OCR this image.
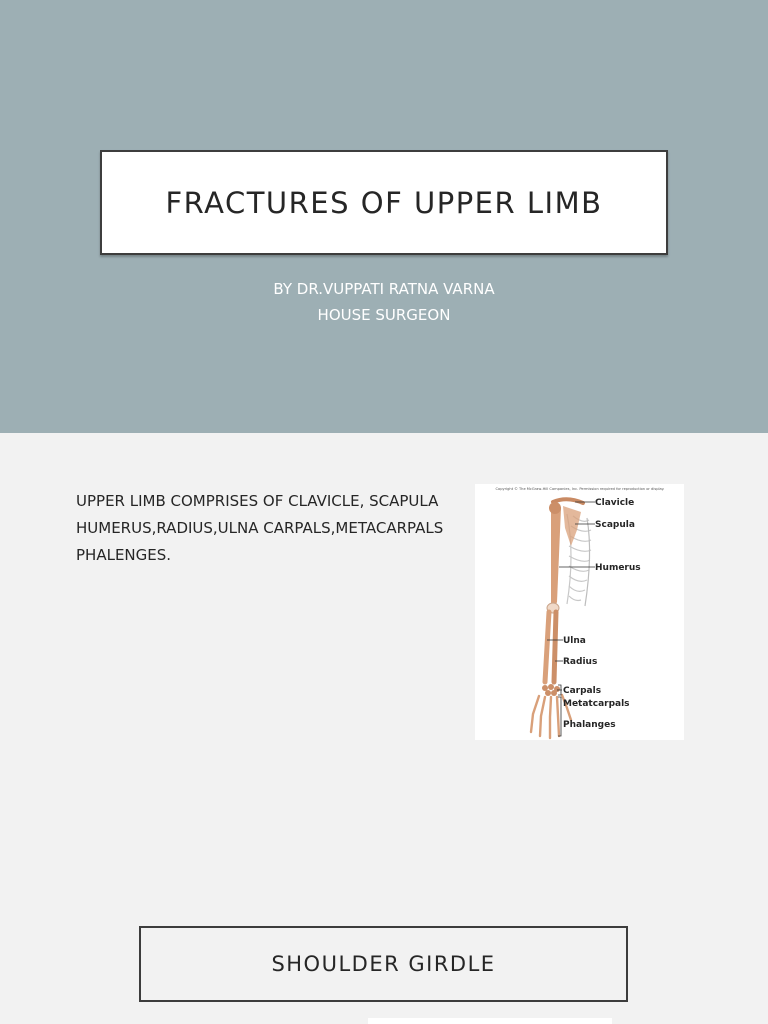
FRACTURES OF UPPER LIMB
BY DR.VUPPATI RATNA VARNA
HOUSE SURGEON
UPPER LIMB COMPRISES OF CLAVICLE, SCAPULA
HUMERUS,RADIUS,ULNA CARPALS,METACARPALS
PHALENGES.
Copyright © The McGraw-Hill Companies, Inc. Permission required for reproduction or display.
Clavicle
Scapula
Humerus
Ulna
Radius
Carpals
Metatcarpals
Phalanges
SHOULDER GIRDLE
